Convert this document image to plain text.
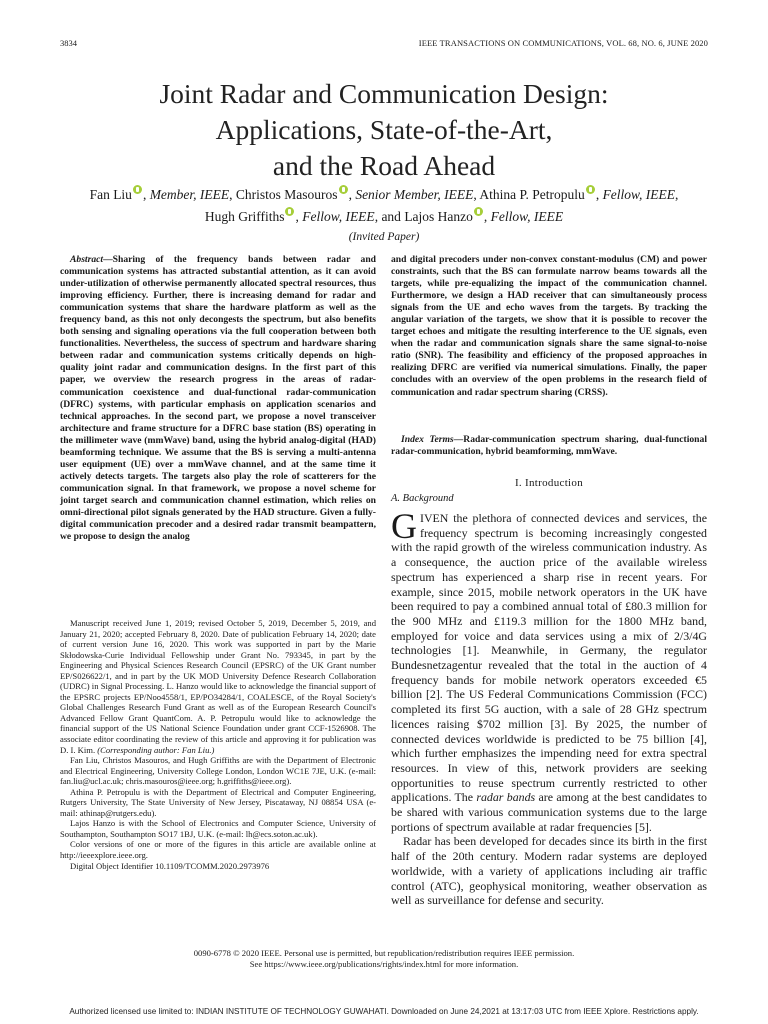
3834	IEEE TRANSACTIONS ON COMMUNICATIONS, VOL. 68, NO. 6, JUNE 2020
Joint Radar and Communication Design:
Applications, State-of-the-Art,
and the Road Ahead
Fan Liu , Member, IEEE, Christos Masouros , Senior Member, IEEE, Athina P. Petropulu , Fellow, IEEE,
Hugh Griffiths , Fellow, IEEE, and Lajos Hanzo , Fellow, IEEE
(Invited Paper)

Abstract—Sharing of the frequency bands between radar and communication systems has attracted substantial attention, as it can avoid under-utilization of otherwise permanently allocated spectral resources, thus improving efficiency. Further, there is increasing demand for radar and communication systems that share the hardware platform as well as the frequency band, as this not only decongests the spectrum, but also benefits both sensing and signaling operations via the full cooperation between both functionalities. Nevertheless, the success of spectrum and hardware sharing between radar and communication systems critically depends on high-quality joint radar and communication designs. In the first part of this paper, we overview the research progress in the areas of radar-communication coexistence and dual-functional radar-communication (DFRC) systems, with particular emphasis on application scenarios and technical approaches. In the second part, we propose a novel transceiver architecture and frame structure for a DFRC base station (BS) operating in the millimeter wave (mmWave) band, using the hybrid analog-digital (HAD) beamforming technique. We assume that the BS is serving a multi-antenna user equipment (UE) over a mmWave channel, and at the same time it actively detects targets. The targets also play the role of scatterers for the communication signal. In that framework, we propose a novel scheme for joint target search and communication channel estimation, which relies on omni-directional pilot signals generated by the HAD structure. Given a fully-digital communication precoder and a desired radar transmit beampattern, we propose to design the analog

and digital precoders under non-convex constant-modulus (CM) and power constraints, such that the BS can formulate narrow beams towards all the targets, while pre-equalizing the impact of the communication channel. Furthermore, we design a HAD receiver that can simultaneously process signals from the UE and echo waves from the targets. By tracking the angular variation of the targets, we show that it is possible to recover the target echoes and mitigate the resulting interference to the UE signals, even when the radar and communication signals share the same signal-to-noise ratio (SNR). The feasibility and efficiency of the proposed approaches in realizing DFRC are verified via numerical simulations. Finally, the paper concludes with an overview of the open problems in the research field of communication and radar spectrum sharing (CRSS).

Index Terms—Radar-communication spectrum sharing, dual-functional radar-communication, hybrid beamforming, mmWave.

I. Introduction
A. Background

GIVEN the plethora of connected devices and services, the frequency spectrum is becoming increasingly congested with the rapid growth of the wireless communication industry. As a consequence, the auction price of the available wireless spectrum has experienced a sharp rise in recent years. For example, since 2015, mobile network operators in the UK have been required to pay a combined annual total of £80.3 million for the 900 MHz and £119.3 million for the 1800 MHz band, employed for voice and data services using a mix of 2/3/4G technologies [1]. Meanwhile, in Germany, the regulator Bundesnetzagentur revealed that the total in the auction of 4 frequency bands for mobile network operators exceeded €5 billion [2]. The US Federal Communications Commission (FCC) completed its first 5G auction, with a sale of 28 GHz spectrum licences raising $702 million [3]. By 2025, the number of connected devices worldwide is predicted to be 75 billion [4], which further emphasizes the impending need for extra spectral resources. In view of this, network providers are seeking opportunities to reuse spectrum currently restricted to other applications. The radar bands are among at the best candidates to be shared with various communication systems due to the large portions of spectrum available at radar frequencies [5].

Radar has been developed for decades since its birth in the first half of the 20th century. Modern radar systems are deployed worldwide, with a variety of applications including air traffic control (ATC), geophysical monitoring, weather observation as well as surveillance for defense and security.

Manuscript received June 1, 2019; revised October 5, 2019, December 5, 2019, and January 21, 2020; accepted February 8, 2020. Date of publication February 14, 2020; date of current version June 16, 2020. This work was supported in part by the Marie Skłodowska-Curie Individual Fellowship under Grant No. 793345, in part by the Engineering and Physical Sciences Research Council (EPSRC) of the UK Grant number EP/S026622/1, and in part by the UK MOD University Defence Research Collaboration (UDRC) in Signal Processing. L. Hanzo would like to acknowledge the financial support of the EPSRC projects EP/Noo4558/1, EP/PO34284/1, COALESCE, of the Royal Society's Global Challenges Research Fund Grant as well as of the European Research Council's Advanced Fellow Grant QuantCom. A. P. Petropulu would like to acknowledge the financial support of the US National Science Foundation under grant CCF-1526908. The associate editor coordinating the review of this article and approving it for publication was D. I. Kim. (Corresponding author: Fan Liu.)

Fan Liu, Christos Masouros, and Hugh Griffiths are with the Department of Electronic and Electrical Engineering, University College London, London WC1E 7JE, U.K. (e-mail: fan.liu@ucl.ac.uk; chris.masouros@ieee.org; h.griffiths@ieee.org).

Athina P. Petropulu is with the Department of Electrical and Computer Engineering, Rutgers University, The State University of New Jersey, Piscataway, NJ 08854 USA (e-mail: athinap@rutgers.edu).

Lajos Hanzo is with the School of Electronics and Computer Science, University of Southampton, Southampton SO17 1BJ, U.K. (e-mail: lh@ecs.soton.ac.uk).

Color versions of one or more of the figures in this article are available online at http://ieeexplore.ieee.org.

Digital Object Identifier 10.1109/TCOMM.2020.2973976

0090-6778 © 2020 IEEE. Personal use is permitted, but republication/redistribution requires IEEE permission.
See https://www.ieee.org/publications/rights/index.html for more information.
Authorized licensed use limited to: INDIAN INSTITUTE OF TECHNOLOGY GUWAHATI. Downloaded on June 24,2021 at 13:17:03 UTC from IEEE Xplore. Restrictions apply.
